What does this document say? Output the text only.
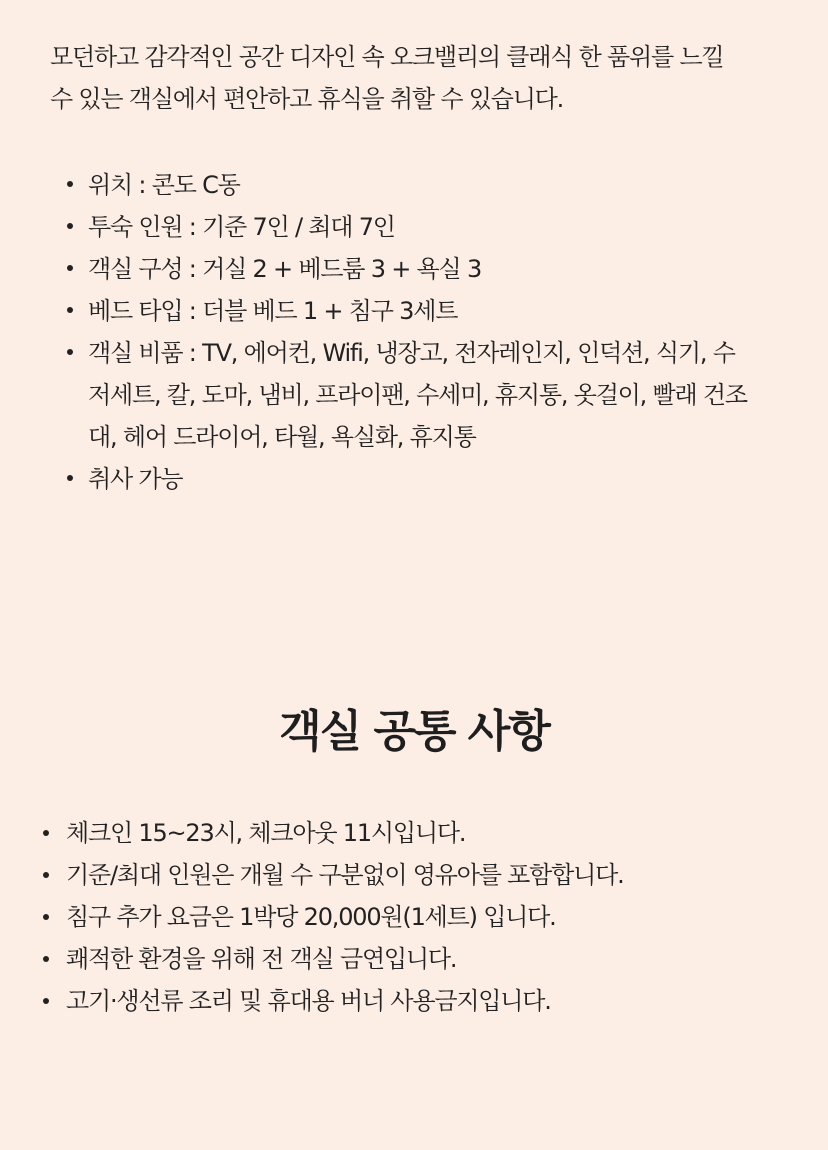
모던하고 감각적인 공간 디자인 속 오크밸리의 클래식 한 품위를 느낄
수 있는 객실에서 편안하고 휴식을 취할 수 있습니다.

위치 : 콘도 C동
투숙 인원 : 기준 7인 / 최대 7인
객실 구성 : 거실 2 + 베드룸 3 + 욕실 3
베드 타입 : 더블 베드 1 + 침구 3세트
객실 비품 : TV, 에어컨, Wifi, 냉장고, 전자레인지, 인덕션, 식기, 수
저세트, 칼, 도마, 냄비, 프라이팬, 수세미, 휴지통, 옷걸이, 빨래 건조
대, 헤어 드라이어, 타월, 욕실화, 휴지통
취사 가능
객실 공통 사항
체크인 15~23시, 체크아웃 11시입니다.
기준/최대 인원은 개월 수 구분없이 영유아를 포함합니다.
침구 추가 요금은 1박당 20,000원(1세트) 입니다.
쾌적한 환경을 위해 전 객실 금연입니다.
고기·생선류 조리 및 휴대용 버너 사용금지입니다.
